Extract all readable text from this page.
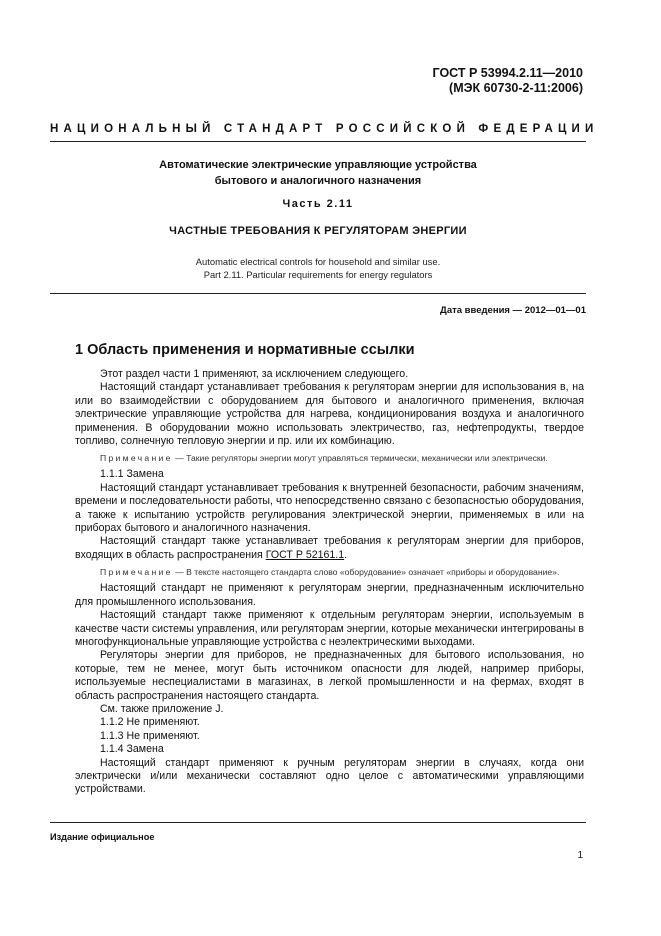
ГОСТ Р 53994.2.11—2010
(МЭК 60730-2-11:2006)
НАЦИОНАЛЬНЫЙ СТАНДАРТ РОССИЙСКОЙ ФЕДЕРАЦИИ
Автоматические электрические управляющие устройства
бытового и аналогичного назначения
Часть 2.11
ЧАСТНЫЕ ТРЕБОВАНИЯ К РЕГУЛЯТОРАМ ЭНЕРГИИ
Automatic electrical controls for household and similar use.
Part 2.11. Particular requirements for energy regulators
Дата введения — 2012—01—01
1 Область применения и нормативные ссылки

Этот раздел части 1 применяют, за исключением следующего.

Настоящий стандарт устанавливает требования к регуляторам энергии для использования в, на или во взаимодействии с оборудованием для бытового и аналогичного применения, включая электрические управляющие устройства для нагрева, кондиционирования воздуха и аналогичного применения. В оборудовании можно использовать электричество, газ, нефтепродукты, твердое топливо, солнечную тепловую энергии и пр. или их комбинацию.

Примечание — Такие регуляторы энергии могут управляться термически, механически или электрически.

1.1.1 Замена

Настоящий стандарт устанавливает требования к внутренней безопасности, рабочим значениям, времени и последовательности работы, что непосредственно связано с безопасностью оборудования, а также к испытанию устройств регулирования электрической энергии, применяемых в или на приборах бытового и аналогичного назначения.

Настоящий стандарт также устанавливает требования к регуляторам энергии для приборов, входящих в область распространения ГОСТ Р 52161.1.

Примечание — В тексте настоящего стандарта слово «оборудование» означает «приборы и оборудование».

Настоящий стандарт не применяют к регуляторам энергии, предназначенным исключительно для промышленного использования.

Настоящий стандарт также применяют к отдельным регуляторам энергии, используемым в качестве части системы управления, или регуляторам энергии, которые механически интегрированы в многофункциональные управляющие устройства с неэлектрическими выходами.

Регуляторы энергии для приборов, не предназначенных для бытового использования, но которые, тем не менее, могут быть источником опасности для людей, например приборы, используемые неспециалистами в магазинах, в легкой промышленности и на фермах, входят в область распространения настоящего стандарта.

См. также приложение J.

1.1.2 Не применяют.

1.1.3 Не применяют.

1.1.4 Замена

Настоящий стандарт применяют к ручным регуляторам энергии в случаях, когда они электрически и/или механически составляют одно целое с автоматическими управляющими устройствами.

Издание официальное
1
